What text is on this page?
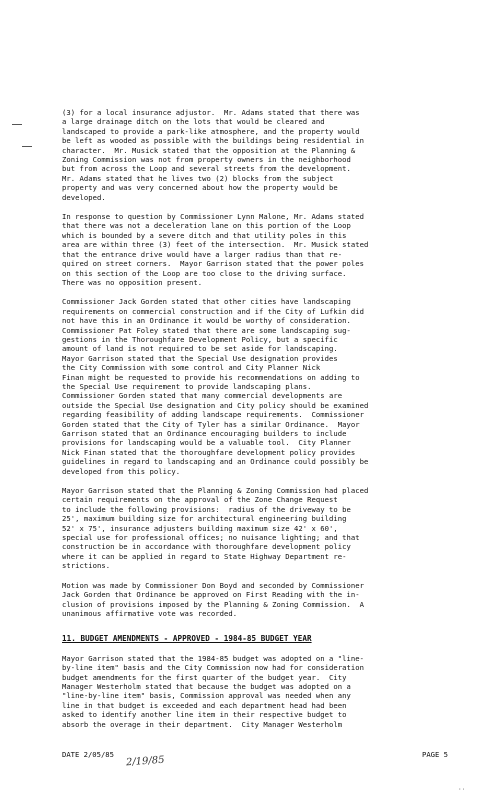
(3) for a local insurance adjustor.  Mr. Adams stated that there was
a large drainage ditch on the lots that would be cleared and
landscaped to provide a park-like atmosphere, and the property would
be left as wooded as possible with the buildings being residential in
character.  Mr. Musick stated that the opposition at the Planning &
Zoning Commission was not from property owners in the neighborhood
but from across the Loop and several streets from the development.
Mr. Adams stated that he lives two (2) blocks from the subject
property and was very concerned about how the property would be
developed.
In response to question by Commissioner Lynn Malone, Mr. Adams stated
that there was not a deceleration lane on this portion of the Loop
which is bounded by a severe ditch and that utility poles in this
area are within three (3) feet of the intersection.  Mr. Musick stated
that the entrance drive would have a larger radius than that re-
quired on street corners.  Mayor Garrison stated that the power poles
on this section of the Loop are too close to the driving surface.
There was no opposition present.
Commissioner Jack Gorden stated that other cities have landscaping
requirements on commercial construction and if the City of Lufkin did
not have this in an Ordinance it would be worthy of consideration.
Commissioner Pat Foley stated that there are some landscaping sug-
gestions in the Thoroughfare Development Policy, but a specific
amount of land is not required to be set aside for landscaping.
Mayor Garrison stated that the Special Use designation provides
the City Commission with some control and City Planner Nick
Finan might be requested to provide his recommendations on adding to
the Special Use requirement to provide landscaping plans.
Commissioner Gorden stated that many commercial developments are
outside the Special Use designation and City policy should be examined
regarding feasibility of adding landscape requirements.  Commissioner
Gorden stated that the City of Tyler has a similar Ordinance.  Mayor
Garrison stated that an Ordinance encouraging builders to include
provisions for landscaping would be a valuable tool.  City Planner
Nick Finan stated that the thoroughfare development policy provides
guidelines in regard to landscaping and an Ordinance could possibly be
developed from this policy.
Mayor Garrison stated that the Planning & Zoning Commission had placed
certain requirements on the approval of the Zone Change Request
to include the following provisions:  radius of the driveway to be
25', maximum building size for architectural engineering building
52' x 75', insurance adjusters building maximum size 42' x 60',
special use for professional offices; no nuisance lighting; and that
construction be in accordance with thoroughfare development policy
where it can be applied in regard to State Highway Department re-
strictions.
Motion was made by Commissioner Don Boyd and seconded by Commissioner
Jack Gorden that Ordinance be approved on First Reading with the in-
clusion of provisions imposed by the Planning & Zoning Commission.  A
unanimous affirmative vote was recorded.
11. BUDGET AMENDMENTS - APPROVED - 1984-85 BUDGET YEAR
Mayor Garrison stated that the 1984-85 budget was adopted on a "line-
by-line item" basis and the City Commission now had for consideration
budget amendments for the first quarter of the budget year.  City
Manager Westerholm stated that because the budget was adopted on a
"line-by-line item" basis, Commission approval was needed when any
line in that budget is exceeded and each department head had been
asked to identify another line item in their respective budget to
absorb the overage in their department.  City Manager Westerholm
DATE 2/05/85
2/19/85
PAGE 5
··
